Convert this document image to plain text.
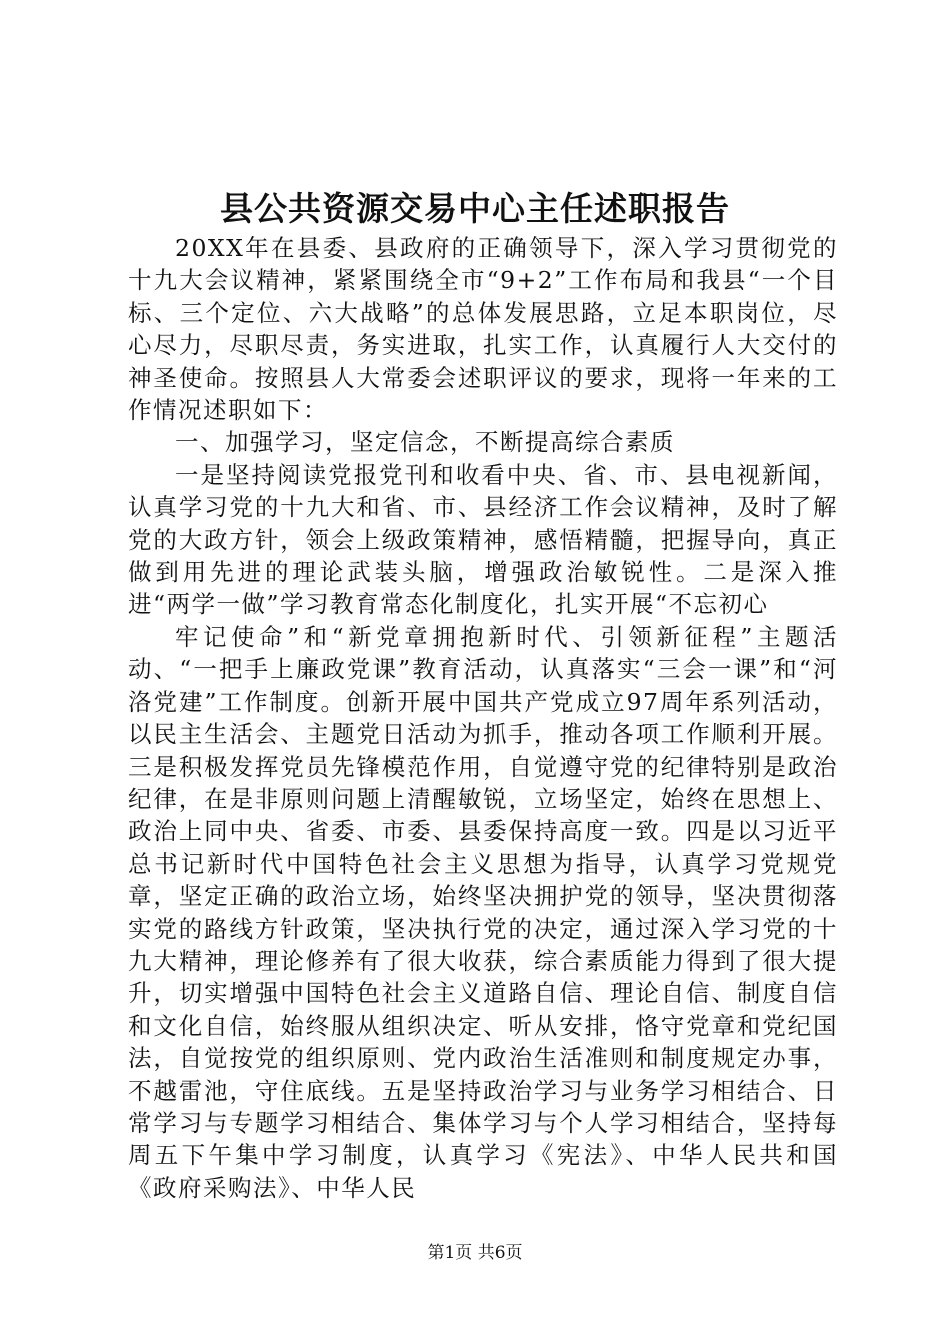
县公共资源交易中心主任述职报告

20XX年在县委、县政府的正确领导下，深入学习贯彻党的十九大会议精神，紧紧围绕全市“9+2”工作布局和我县“一个目标、三个定位、六大战略”的总体发展思路，立足本职岗位，尽心尽力，尽职尽责，务实进取，扎实工作，认真履行人大交付的神圣使命。按照县人大常委会述职评议的要求，现将一年来的工作情况述职如下：

一、加强学习，坚定信念，不断提高综合素质

一是坚持阅读党报党刊和收看中央、省、市、县电视新闻，认真学习党的十九大和省、市、县经济工作会议精神，及时了解党的大政方针，领会上级政策精神，感悟精髓，把握导向，真正做到用先进的理论武装头脑，增强政治敏锐性。二是深入推进“两学一做”学习教育常态化制度化，扎实开展“不忘初心

牢记使命”和“新党章拥抱新时代、引领新征程”主题活动、“一把手上廉政党课”教育活动，认真落实“三会一课”和“河洛党建”工作制度。创新开展中国共产党成立97周年系列活动，以民主生活会、主题党日活动为抓手，推动各项工作顺利开展。三是积极发挥党员先锋模范作用，自觉遵守党的纪律特别是政治纪律，在是非原则问题上清醒敏锐，立场坚定，始终在思想上、政治上同中央、省委、市委、县委保持高度一致。四是以习近平总书记新时代中国特色社会主义思想为指导，认真学习党规党章，坚定正确的政治立场，始终坚决拥护党的领导，坚决贯彻落实党的路线方针政策，坚决执行党的决定，通过深入学习党的十九大精神，理论修养有了很大收获，综合素质能力得到了很大提升，切实增强中国特色社会主义道路自信、理论自信、制度自信和文化自信，始终服从组织决定、听从安排，恪守党章和党纪国法，自觉按党的组织原则、党内政治生活准则和制度规定办事，不越雷池，守住底线。五是坚持政治学习与业务学习相结合、日常学习与专题学习相结合、集体学习与个人学习相结合，坚持每周五下午集中学习制度，认真学习《宪法》、中华人民共和国《政府采购法》、中华人民

第1页 共6页
